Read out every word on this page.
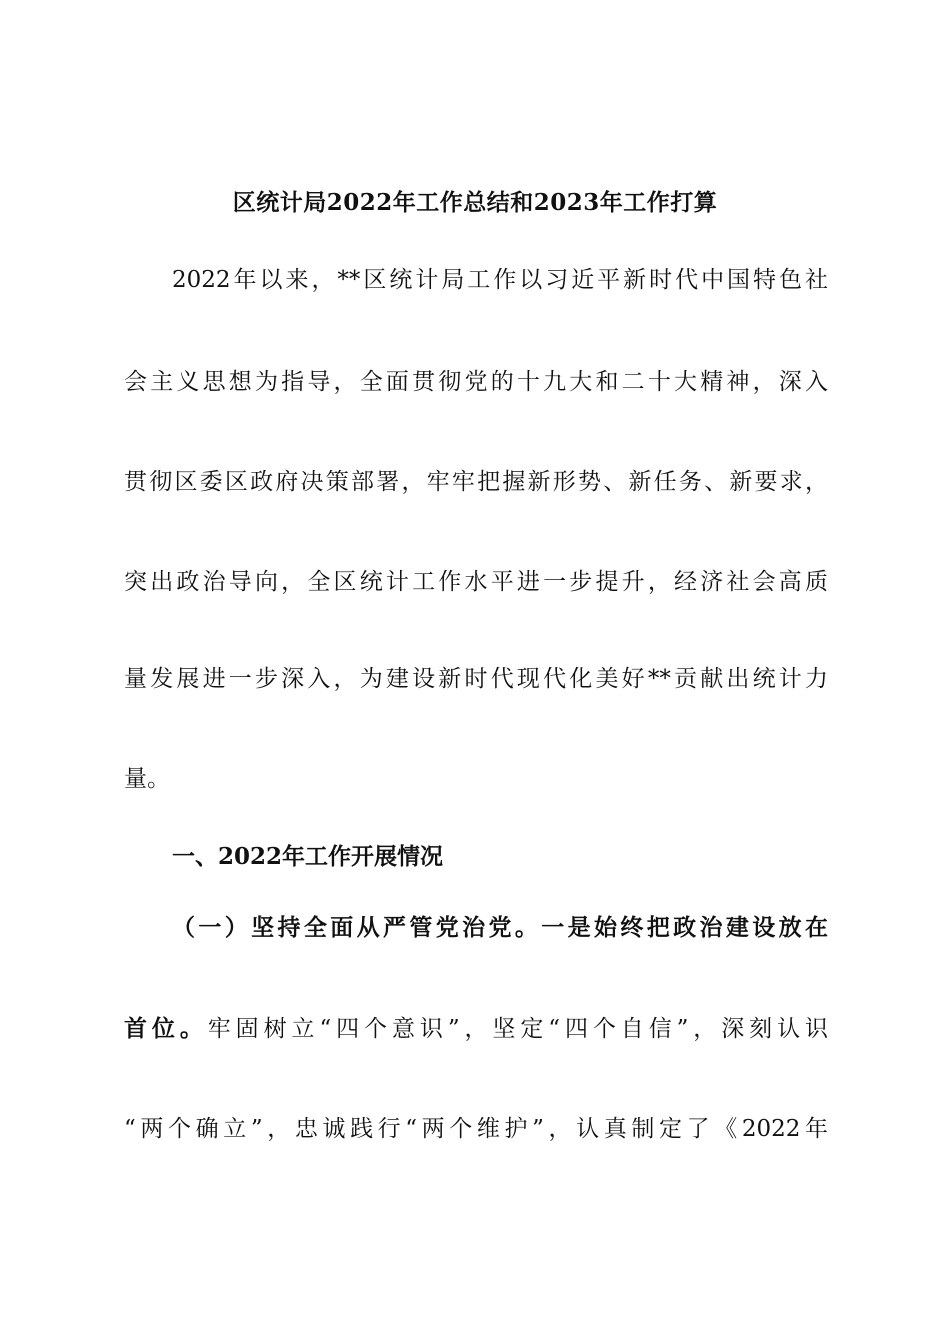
区统计局2022年工作总结和2023年工作打算
2022年以来，**区统计局工作以习近平新时代中国特色社
会主义思想为指导，全面贯彻党的十九大和二十大精神，深入
贯彻区委区政府决策部署，牢牢把握新形势、新任务、新要求，
突出政治导向，全区统计工作水平进一步提升，经济社会高质
量发展进一步深入，为建设新时代现代化美好**贡献出统计力
量。
一、2022年工作开展情况
（一）坚持全面从严管党治党。一是始终把政治建设放在
首位。牢固树立“四个意识”，坚定“四个自信”，深刻认识
“两个确立”，忠诚践行“两个维护”，认真制定了《2022年
